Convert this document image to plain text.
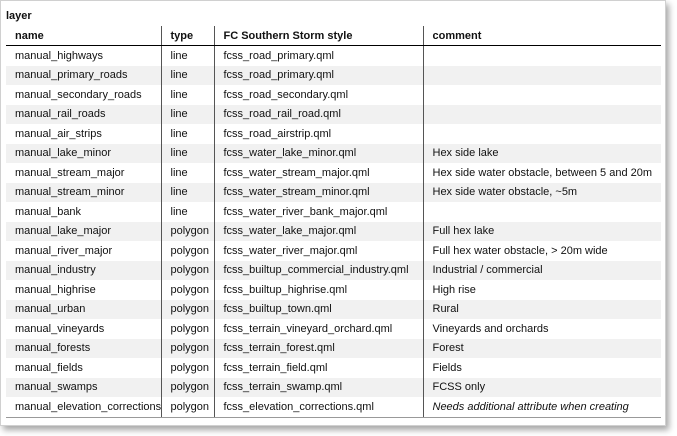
layer
name	type	FC Southern Storm style	comment
manual_highways	line	fcss_road_primary.qml	
manual_primary_roads	line	fcss_road_primary.qml	
manual_secondary_roads	line	fcss_road_secondary.qml	
manual_rail_roads	line	fcss_road_rail_road.qml	
manual_air_strips	line	fcss_road_airstrip.qml	
manual_lake_minor	line	fcss_water_lake_minor.qml	Hex side lake
manual_stream_major	line	fcss_water_stream_major.qml	Hex side water obstacle, between 5 and 20m
manual_stream_minor	line	fcss_water_stream_minor.qml	Hex side water obstacle, ~5m
manual_bank	line	fcss_water_river_bank_major.qml	
manual_lake_major	polygon	fcss_water_lake_major.qml	Full hex lake
manual_river_major	polygon	fcss_water_river_major.qml	Full hex water obstacle, > 20m wide
manual_industry	polygon	fcss_builtup_commercial_industry.qml	Industrial / commercial
manual_highrise	polygon	fcss_builtup_highrise.qml	High rise
manual_urban	polygon	fcss_builtup_town.qml	Rural
manual_vineyards	polygon	fcss_terrain_vineyard_orchard.qml	Vineyards and orchards
manual_forests	polygon	fcss_terrain_forest.qml	Forest
manual_fields	polygon	fcss_terrain_field.qml	Fields
manual_swamps	polygon	fcss_terrain_swamp.qml	FCSS only
manual_elevation_corrections	polygon	fcss_elevation_corrections.qml	Needs additional attribute when creating
